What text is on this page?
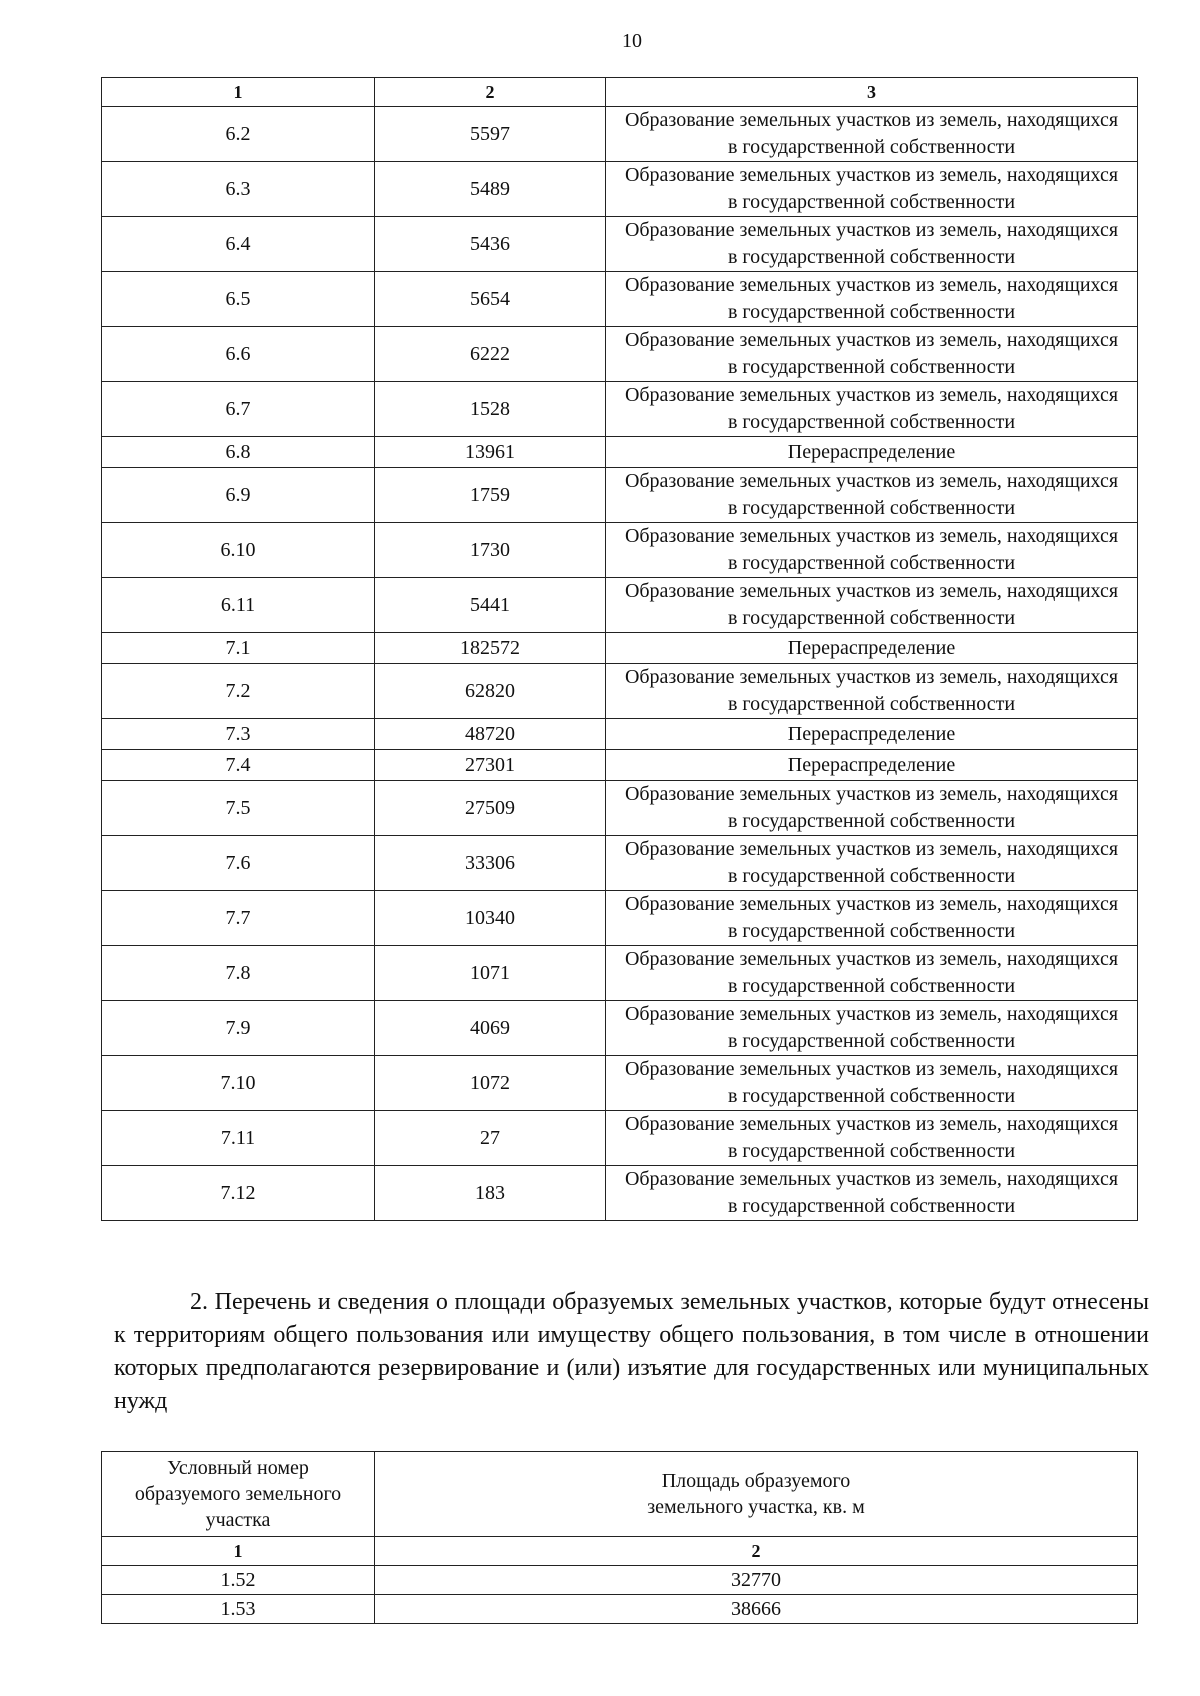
10
1	2	3
6.2	5597	Образование земельных участков из земель, находящихся в государственной собственности
6.3	5489	Образование земельных участков из земель, находящихся в государственной собственности
6.4	5436	Образование земельных участков из земель, находящихся в государственной собственности
6.5	5654	Образование земельных участков из земель, находящихся в государственной собственности
6.6	6222	Образование земельных участков из земель, находящихся в государственной собственности
6.7	1528	Образование земельных участков из земель, находящихся в государственной собственности
6.8	13961	Перераспределение
6.9	1759	Образование земельных участков из земель, находящихся в государственной собственности
6.10	1730	Образование земельных участков из земель, находящихся в государственной собственности
6.11	5441	Образование земельных участков из земель, находящихся в государственной собственности
7.1	182572	Перераспределение
7.2	62820	Образование земельных участков из земель, находящихся в государственной собственности
7.3	48720	Перераспределение
7.4	27301	Перераспределение
7.5	27509	Образование земельных участков из земель, находящихся в государственной собственности
7.6	33306	Образование земельных участков из земель, находящихся в государственной собственности
7.7	10340	Образование земельных участков из земель, находящихся в государственной собственности
7.8	1071	Образование земельных участков из земель, находящихся в государственной собственности
7.9	4069	Образование земельных участков из земель, находящихся в государственной собственности
7.10	1072	Образование земельных участков из земель, находящихся в государственной собственности
7.11	27	Образование земельных участков из земель, находящихся в государственной собственности
7.12	183	Образование земельных участков из земель, находящихся в государственной собственности

2. Перечень и сведения о площади образуемых земельных участков, которые будут отнесены к территориям общего пользования или имуществу общего пользования, в том числе в отношении которых предполагаются резервирование и (или) изъятие для государственных или муниципальных нужд

Условный номер образуемого земельного участка	Площадь образуемого земельного участка, кв. м
1	2
1.52	32770
1.53	38666
